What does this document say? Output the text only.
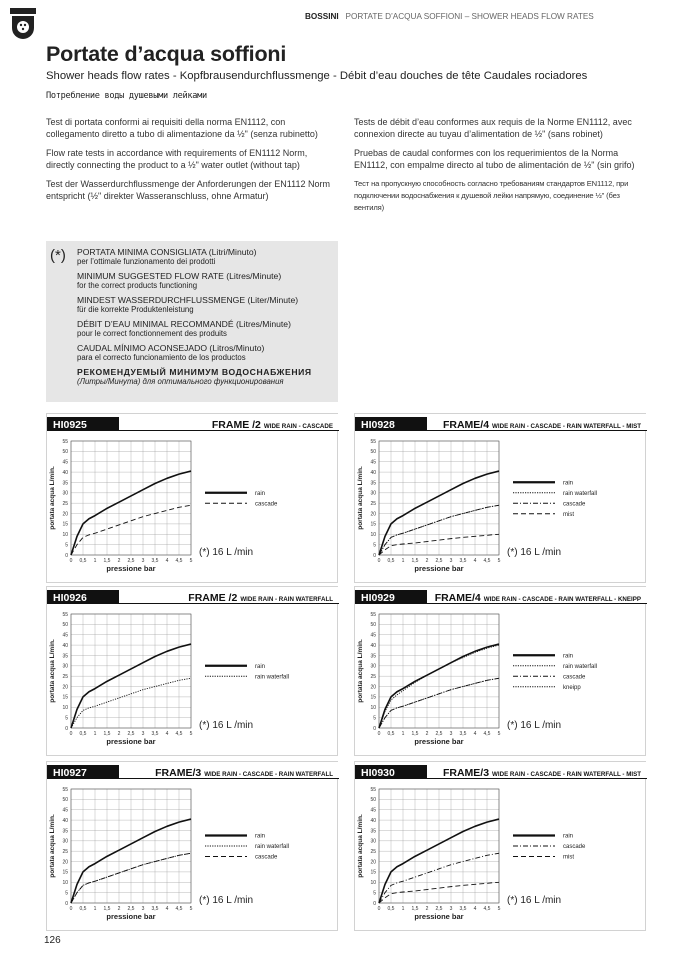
BOSSINI PORTATE D’ACQUA SOFFIONI – SHOWER HEADS FLOW RATES
Portate d’acqua soffioni
Shower heads flow rates - Kopfbrausendurchflussmenge - Débit d’eau douches de tête Caudales rociadores
Потребление воды душевыми лейками

Test di portata conformi ai requisiti della norma EN1112, con collegamento diretto a tubo di alimentazione da ½" (senza rubinetto)

Flow rate tests in accordance with requirements of EN1112 Norm, directly connecting the product to a ½" water outlet (without tap)

Test der Wasserdurchflussmenge der Anforderungen der EN1112 Norm entspricht (½" direkter Wasseranschluss, ohne Armatur)

Tests de débit d’eau conformes aux requis de la Norme EN1112, avec connexion directe au tuyau d’alimentation de ½" (sans robinet)

Pruebas de caudal conformes con los requerimientos de la Norma EN1112, con empalme directo al tubo de alimentación de ½" (sin grifo)

Тест на пропускную способность согласно требованиям стандартов EN1112, при подключении водоснабжения к душевой лейки напрямую, соединение ½" (без вентиля)

(*) PORTATA MINIMA CONSIGLIATA (Litri/Minuto)
per l’ottimale funzionamento dei prodotti
MINIMUM SUGGESTED FLOW RATE (Litres/Minute)
for the correct products functioning
MINDEST WASSERDURCHFLUSSMENGE (Liter/Minute)
für die korrekte Produktenleistung
DÉBIT D’EAU MINIMAL RECOMMANDÉ (Litres/Minute)
pour le correct fonctionnement des produits
CAUDAL MÍNIMO ACONSEJADO (Litros/Minuto)
para el correcto funcionamiento de los productos
РЕКОМЕНДУЕМЫЙ МИНИМУМ ВОДОСНАБЖЕНИЯ
(Литры/Минута) для оптимального функционирования
HI0925	FRAME /2 WIDE RAIN - CASCADE
0
5
10
15
20
25
30
35
40
45
50
55
0 0,5 1 1,5 2 2,5 3 3,5 4 4,5 5
pressione bar
portata acqua L/min.	rain
cascade
(*) 16 L /min
HI0928	FRAME/4 WIDE RAIN - CASCADE - RAIN WATERFALL - MIST
0
5
10
15
20
25
30
35
40
45
50
55
0 0,5 1 1,5 2 2,5 3 3,5 4 4,5 5
pressione bar
portata acqua L/min.	rain
rain waterfall
cascade
mist
(*) 16 L /min
HI0926	FRAME /2 WIDE RAIN - RAIN WATERFALL
0
5
10
15
20
25
30
35
40
45
50
55
0 0,5 1 1,5 2 2,5 3 3,5 4 4,5 5
pressione bar
portata acqua L/min.	rain
rain waterfall
(*) 16 L /min
HI0929	FRAME/4 WIDE RAIN - CASCADE - RAIN WATERFALL - KNEIPP
0
5
10
15
20
25
30
35
40
45
50
55
0 0,5 1 1,5 2 2,5 3 3,5 4 4,5 5
pressione bar
portata acqua L/min.	rain
rain waterfall
cascade
kneipp
(*) 16 L /min
HI0927	FRAME/3 WIDE RAIN - CASCADE - RAIN WATERFALL
0
5
10
15
20
25
30
35
40
45
50
55
0 0,5 1 1,5 2 2,5 3 3,5 4 4,5 5
pressione bar
portata acqua L/min.	rain
rain waterfall
cascade
(*) 16 L /min
HI0930	FRAME/3 WIDE RAIN - CASCADE - RAIN WATERFALL - MIST
0
5
10
15
20
25
30
35
40
45
50
55
0 0,5 1 1,5 2 2,5 3 3,5 4 4,5 5
pressione bar
portata acqua L/min.	rain
cascade
mist
(*) 16 L /min
126
